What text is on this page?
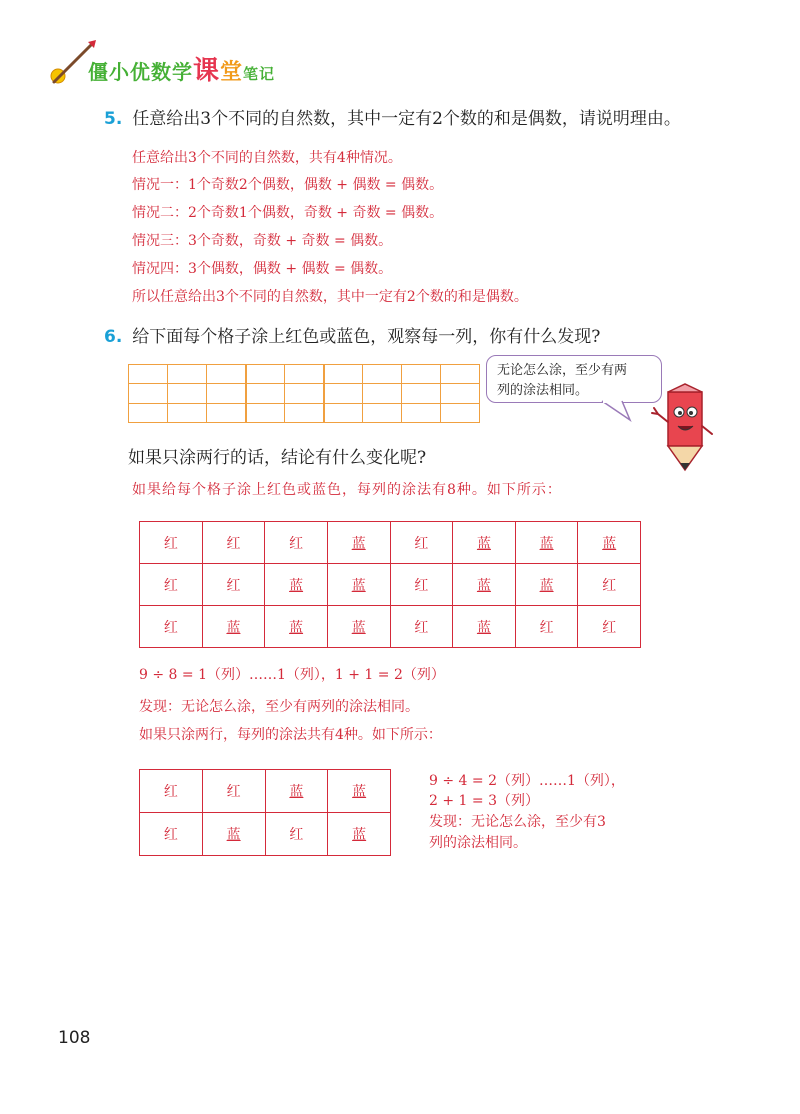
僵小优数学课堂笔记
5. 任意给出3个不同的自然数，其中一定有2个数的和是偶数，请说明理由。
任意给出3个不同的自然数，共有4种情况。
情况一：1个奇数2个偶数，偶数 + 偶数 = 偶数。
情况二：2个奇数1个偶数，奇数 + 奇数 = 偶数。
情况三：3个奇数，奇数 + 奇数 = 偶数。
情况四：3个偶数，偶数 + 偶数 = 偶数。
所以任意给出3个不同的自然数，其中一定有2个数的和是偶数。
6. 给下面每个格子涂上红色或蓝色，观察每一列，你有什么发现?

无论怎么涂，至少有两
列的涂法相同。
如果只涂两行的话，结论有什么变化呢?
如果给每个格子涂上红色或蓝色，每列的涂法有8种。如下所示：
红	红	红	蓝	红	蓝	蓝	蓝
红	红	蓝	蓝	红	蓝	蓝	红
红	蓝	蓝	蓝	红	蓝	红	红
9 ÷ 8 = 1（列）……1（列），1 + 1 = 2（列）
发现：无论怎么涂，至少有两列的涂法相同。
如果只涂两行，每列的涂法共有4种。如下所示：
红	红	蓝	蓝
红	蓝	红	蓝
9 ÷ 4 = 2（列）……1（列），
2 + 1 = 3（列）
发现：无论怎么涂，至少有3
列的涂法相同。
108
